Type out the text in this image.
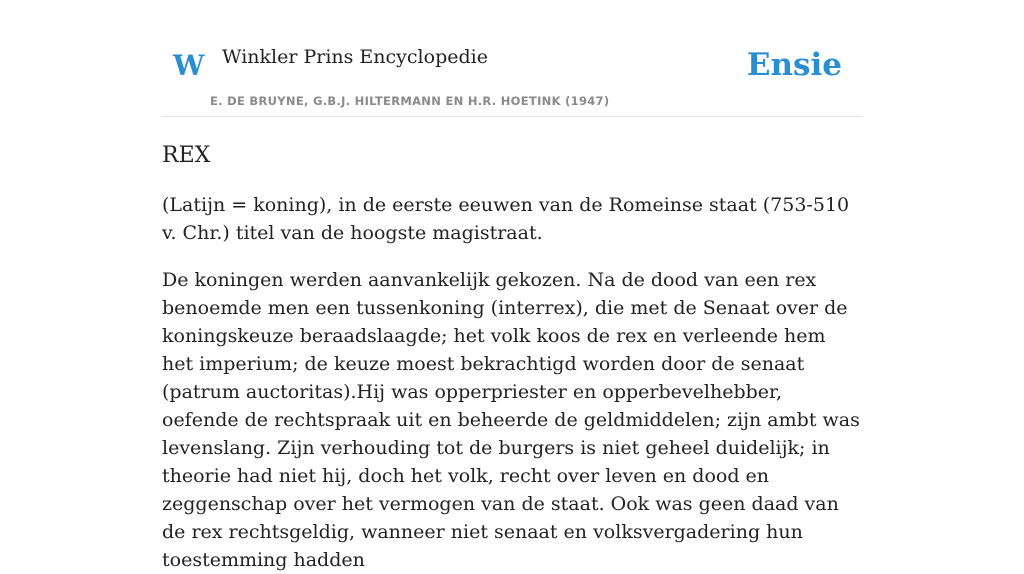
W Winkler Prins Encyclopedie
E. DE BRUYNE, G.B.J. HILTERMANN EN H.R. HOETINK (1947)
Ensie
REX

(Latijn = koning), in de eerste eeuwen van de Romeinse staat (753-510 v. Chr.) titel van de hoogste magistraat.

De koningen werden aanvankelijk gekozen. Na de dood van een rex benoemde men een tussenkoning (interrex), die met de Senaat over de koningskeuze beraadslaagde; het volk koos de rex en verleende hem het imperium; de keuze moest bekrachtigd worden door de senaat (patrum auctoritas).Hij was opperpriester en opperbevelhebber, oefende de rechtspraak uit en beheerde de geldmiddelen; zijn ambt was levenslang. Zijn verhouding tot de burgers is niet geheel duidelijk; in theorie had niet hij, doch het volk, recht over leven en dood en zeggenschap over het vermogen van de staat. Ook was geen daad van de rex rechtsgeldig, wanneer niet senaat en volksvergadering hun toestemming hadden
